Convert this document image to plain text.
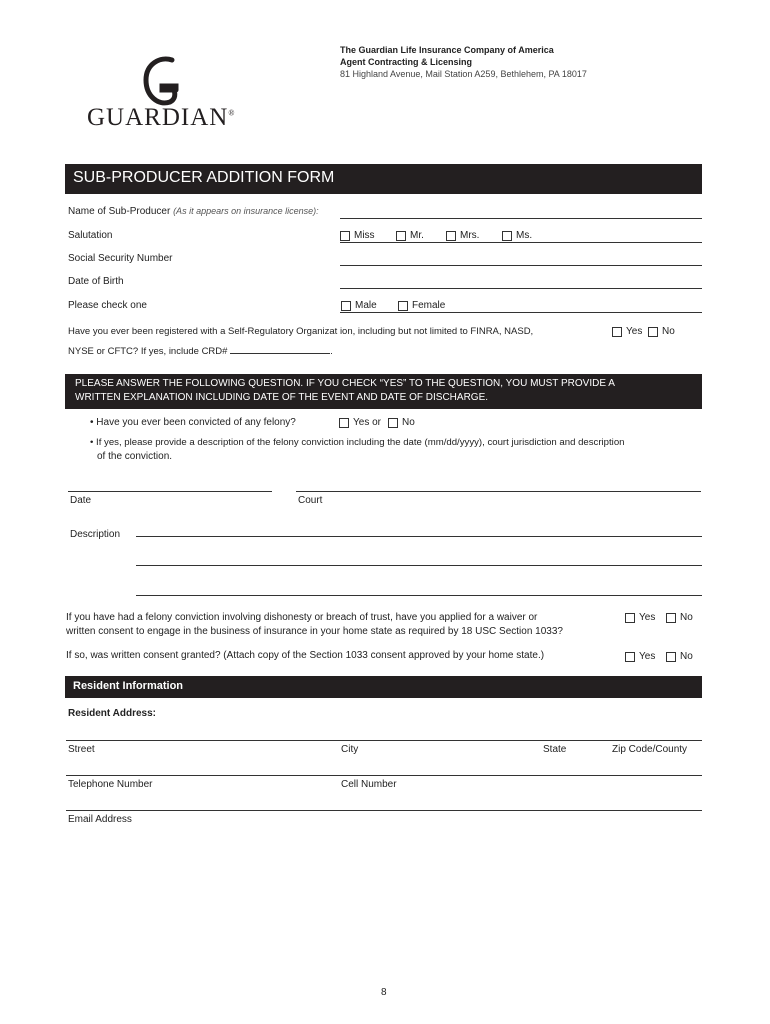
The Guardian Life Insurance Company of America
Agent Contracting & Licensing
81 Highland Avenue, Mail Station A259, Bethlehem, PA 18017
GUARDIAN®
SUB-PRODUCER ADDITION FORM
Name of Sub-Producer (As it appears on insurance license):
Salutation	Miss	Mr.	Mrs.	Ms.
Social Security Number
Date of Birth
Please check one	Male	Female
Have you ever been registered with a Self-Regulatory Organizat ion, including but not limited to FINRA, NASD,
NYSE or CFTC? If yes, include CRD#	.
Yes No
PLEASE ANSWER THE FOLLOWING QUESTION. IF YOU CHECK “YES” TO THE QUESTION, YOU MUST PROVIDE A
WRITTEN EXPLANATION INCLUDING DATE OF THE EVENT AND DATE OF DISCHARGE.
• Have you ever been convicted of any felony?	Yes or No
• If yes, please provide a description of the felony conviction including the date (mm/dd/yyyy), court jurisdiction and description
of the conviction.
Date	Court
Description
If you have had a felony conviction involving dishonesty or breach of trust, have you applied for a waiver or
written consent to engage in the business of insurance in your home state as required by 18 USC Section 1033?
Yes No
If so, was written consent granted? (Attach copy of the Section 1033 consent approved by your home state.)	Yes No
Resident Information
Resident Address:
Street	City	State	Zip Code/County
Telephone Number	Cell Number
Email Address
8
